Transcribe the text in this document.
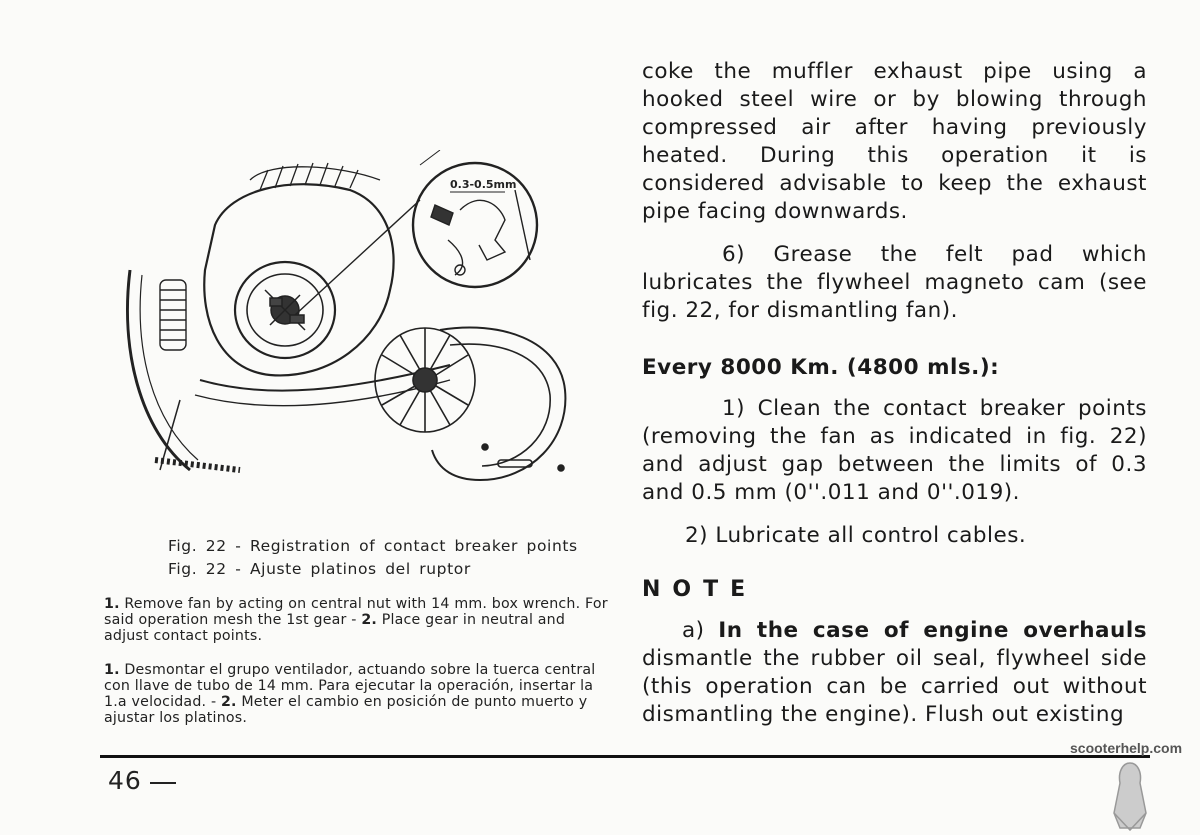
0.3-0.5mm
Fig. 22 - Registration of contact breaker points
Fig. 22 - Ajuste platinos del ruptor
1. Remove fan by acting on central nut with 14 mm. box wrench. For said operation mesh the 1st gear - 2. Place gear in neutral and adjust contact points.
1. Desmontar el grupo ventilador, actuando sobre la tuerca central con llave de tubo de 14 mm. Para ejecutar la operación, insertar la 1.a velocidad. - 2. Meter el cambio en posición de punto muerto y ajustar los platinos.

coke the muffler exhaust pipe using a hooked steel wire or by blowing through compressed air after having previously heated. During this operation it is considered advisable to keep the exhaust pipe facing downwards.

6) Grease the felt pad which lubricates the flywheel magneto cam (see fig. 22, for dismantling fan).

Every 8000 Km. (4800 mls.):

1) Clean the contact breaker points (removing the fan as indicated in fig. 22) and adjust gap between the limits of 0.3 and 0.5 mm (0''.011 and 0''.019).

2) Lubricate all control cables.

NOTE

a) In the case of engine overhauls dismantle the rubber oil seal, flywheel side (this operation can be carried out without dismantling the engine). Flush out existing

46
scooterhelp.com
